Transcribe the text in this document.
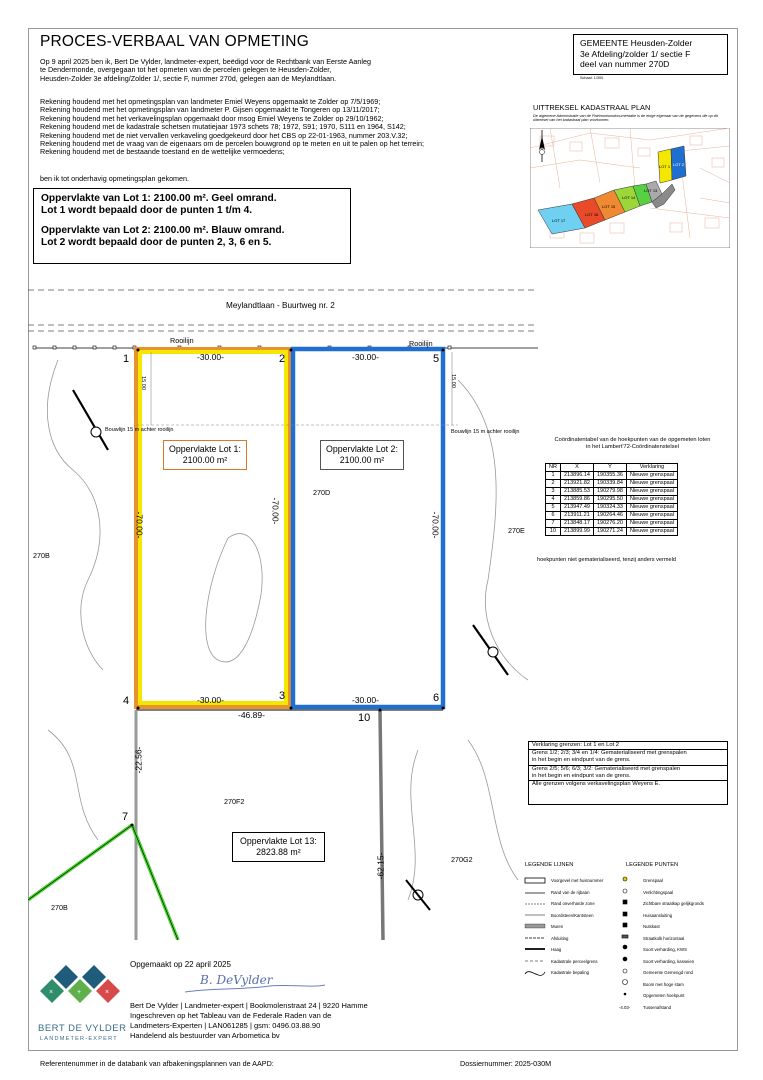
PROCES-VERBAAL VAN OPMETING
Op 9 april 2025 ben ik, Bert De Vylder, landmeter-expert, beëdigd voor de Rechtbank van Eerste Aanleg
te Dendermonde, overgegaan tot het opmeten van de percelen gelegen te Heusden-Zolder,
Heusden-Zolder 3e afdeling/Zolder 1/, sectie F, nummer 270d, gelegen aan de Meylandtlaan.
Rekening houdend met het opmetingsplan van landmeter Emiel Weyens opgemaakt te Zolder op 7/5/1969;
Rekening houdend met het opmetingsplan van landmeter P. Gijsen opgemaakt te Tongeren op 13/11/2017;
Rekening houdend met het verkavelingsplan opgemaakt door msog Emiel Weyens te Zolder op 29/10/1962;
Rekening houdend met de kadastrale schetsen mutatiejaar 1973 schets 78; 1972, S91; 1970, S111 en 1964, S142;
Rekening houdend met de niet vervallen verkaveling goedgekeurd door het CBS op 22-01-1963, nummer 203.V.32;
Rekening houdend met de vraag van de eigenaars om de percelen bouwgrond op te meten en uit te palen op het terrein;
Rekening houdend met de bestaande toestand en de wettelijke vermoedens;
ben ik tot onderhavig opmetingsplan gekomen.
GEMEENTE Heusden-Zolder
3e Afdeling/zolder 1/ sectie F
deel van nummer 270D
Schaal: 1/300
UITTREKSEL KADASTRAAL PLAN
De algemene Administratie van de Patrimoniumdocumentatie is de enige eigenaar van de gegevens die op dit uittreksel van het kadastraal plan voorkomen.
LOT 17
LOT 16
LOT 15
LOT 14
LOT 13
LOT 1 LOT 2
Oppervlakte van Lot 1: 2100.00 m². Geel omrand.
Lot 1 wordt bepaald door de punten 1 t/m 4.
Oppervlakte van Lot 2: 2100.00 m². Blauw omrand.
Lot 2 wordt bepaald door de punten 2, 3, 6 en 5.
Meylandtlaan - Buurtweg nr. 2
Rooilijn	Rooilijn
Bouwlijn 15 m achter rooilijn	Bouwlijn 15 m achter rooilijn
-30.00-	-30.00-
-30.00-	-30.00-
-46.89-
-70.00-
-70.00-
-70.00-
15.00	15.00
-22.56-
-62.15-
Oppervlakte Lot 1:
2100.00 m²
Oppervlakte Lot 2:
2100.00 m²
Oppervlakte Lot 13:
2823.88 m²
270D
270E
270B
270B
270F2
270G2
1	2
3
4
5
6
7
10
Coördinatentabel van de hoekpunten van de opgemeten loten
in het Lambert'72-Coördinatenstelsel
NR	X	Y	Verklaring
1	213896.14	190355.36	Nieuwe grenspaal
2	213921.82	190339.84	Nieuwe grenspaal
3	213885.53	190279.98	Nieuwe grenspaal
4	213859.86	190295.50	Nieuwe grenspaal
5	213947.49	190324.33	Nieuwe grenspaal
6	213911.21	190264.46	Nieuwe grenspaal
7	213848.17	190276.20	Nieuwe grenspaal
10	213899.99	190271.24	Nieuwe grenspaal
hoekpunten niet gematerialiseerd, tenzij anders vermeld
Verklaring grenzen: Lot 1 en Lot 2
Grens 1/2; 2/3; 3/4 en 1/4: Gematerialiseerd met grenspalen
in het begin en eindpunt van de grens.
Grens 2/5; 5/6; 6/3; 3/2: Gematerialiseerd met grenspalen
in het begin en eindpunt van de grens.
Alle grenzen volgens verkavelingsplan Weyens E.
LEGENDE LIJNEN	LEGENDE PUNTEN
Voorgevel met huisnummer
Rand van de rijbaan
Rand onverharde zone
Boordsteen/Kantsteen
Muren
Afsluiting
Haag
Kadastrale perceelgrens
Kadastrale bepaling
Grenspaal
Verlichtingspaal
Zichtbare straatkap gelijkgronds
Huisaansluiting
Nutskast
Straatkolk horizontaal
Soort verharding, KWS
Soort verharding, kasseien
Gemeente Gemengd rond
Boom met hoge stam
Opgemeten hoekpunt
Tussenafstand
-4.03-
×	+	×
BERT DE VYLDER
LANDMETER-EXPERT
Opgemaakt op 22 april 2025
B. DeVylder
Bert De Vylder | Landmeter-expert | Bookmolenstraat 24 | 9220 Hamme
Ingeschreven op het Tableau van de Federale Raden van de
Landmeters-Experten | LAN061285 | gsm: 0496.03.88.90
Handelend als bestuurder van Arbometica bv
Referentenummer in de databank van afbakeningsplannen van de AAPD:	Dossiernummer: 2025-030M
